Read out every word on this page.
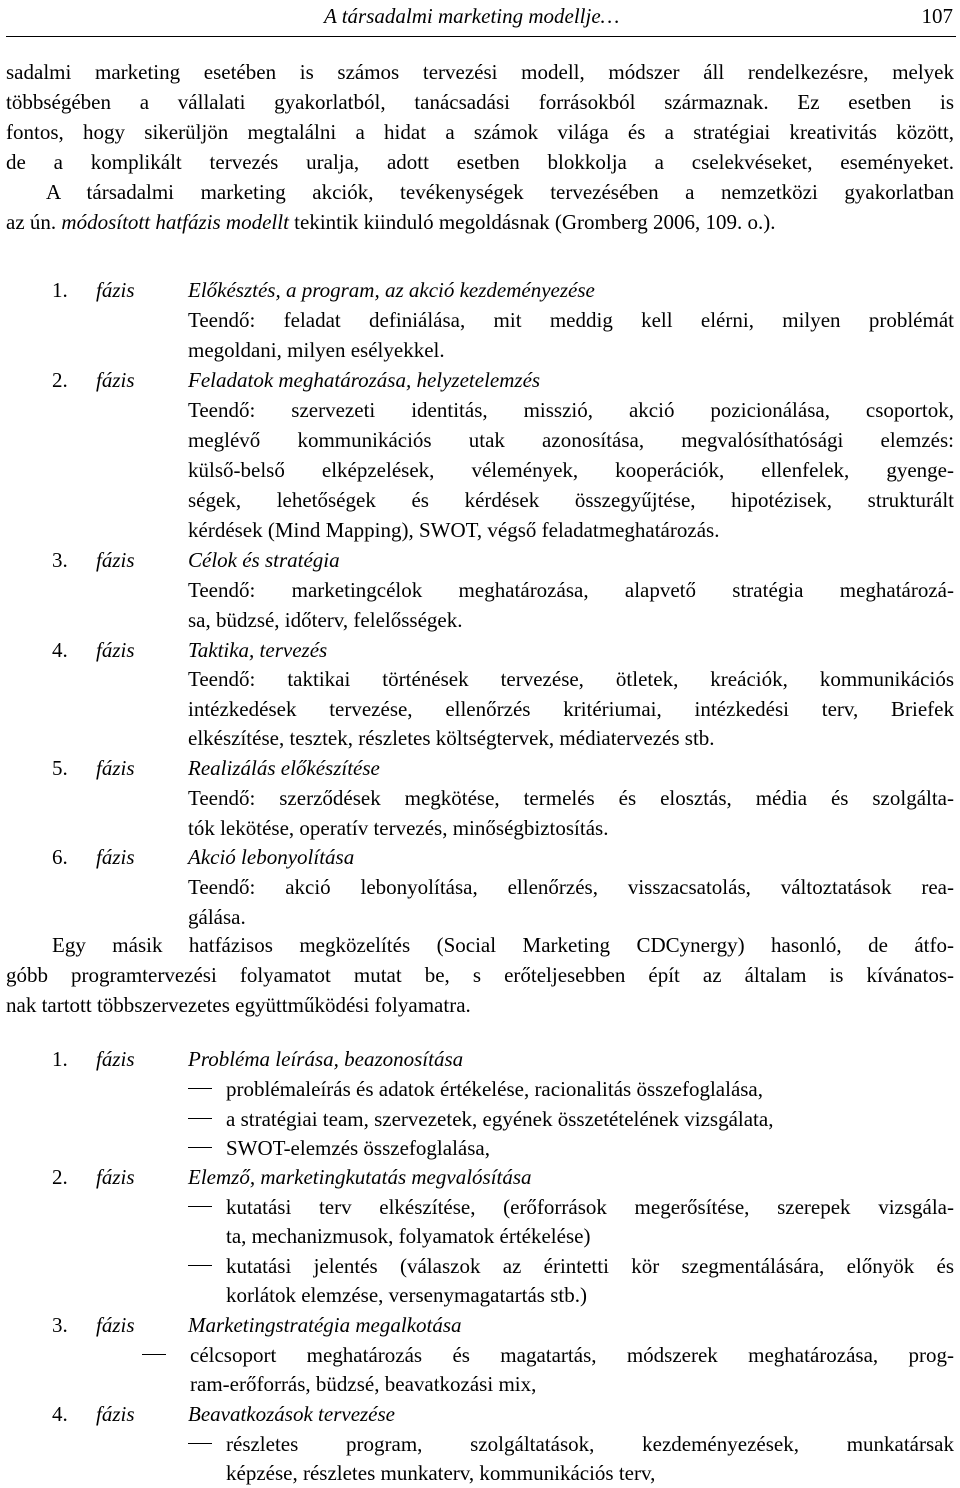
A társadalmi marketing modellje…	107
sadalmi marketing esetében is számos tervezési modell, módszer áll rendelkezésre, melyek
többségében a vállalati gyakorlatból, tanácsadási forrásokból származnak. Ez esetben is
fontos, hogy sikerüljön megtalálni a hidat a számok világa és a stratégiai kreativitás között,
de a komplikált tervezés uralja, adott esetben blokkolja a cselekvéseket, eseményeket.
A társadalmi marketing akciók, tevékenységek tervezésében a nemzetközi gyakorlatban
az ún. módosított hatfázis modellt tekintik kiinduló megoldásnak (Gromberg 2006, 109. o.).
1. fázis	Előkésztés, a program, az akció kezdeményezése
Teendő: feladat definiálása, mit meddig kell elérni, milyen problémát
megoldani, milyen esélyekkel.
2. fázis	Feladatok meghatározása, helyzetelemzés
Teendő: szervezeti identitás, misszió, akció pozicionálása, csoportok,
meglévő kommunikációs utak azonosítása, megvalósíthatósági elemzés:
külső-belső elképzelések, vélemények, kooperációk, ellenfelek, gyenge-
ségek, lehetőségek és kérdések összegyűjtése, hipotézisek, strukturált
kérdések (Mind Mapping), SWOT, végső feladatmeghatározás.
3. fázis	Célok és stratégia
Teendő: marketingcélok meghatározása, alapvető stratégia meghatározá-
sa, büdzsé, időterv, felelősségek.
4. fázis	Taktika, tervezés
Teendő: taktikai történések tervezése, ötletek, kreációk, kommunikációs
intézkedések tervezése, ellenőrzés kritériumai, intézkedési terv, Briefek
elkészítése, tesztek, részletes költségtervek, médiatervezés stb.
5. fázis	Realizálás előkészítése
Teendő: szerződések megkötése, termelés és elosztás, média és szolgálta-
tók lekötése, operatív tervezés, minőségbiztosítás.
6. fázis	Akció lebonyolítása
Teendő: akció lebonyolítása, ellenőrzés, visszacsatolás, változtatások rea-
gálása.
Egy másik hatfázisos megközelítés (Social Marketing CDCynergy) hasonló, de átfo-
góbb programtervezési folyamatot mutat be, s erőteljesebben épít az általam is kívánatos-
nak tartott többszervezetes együttműködési folyamatra.
1. fázis	Probléma leírása, beazonosítása
problémaleírás és adatok értékelése, racionalitás összefoglalása,
a stratégiai team, szervezetek, egyének összetételének vizsgálata,
SWOT-elemzés összefoglalása,
2. fázis	Elemző, marketingkutatás megvalósítása
kutatási terv elkészítése, (erőforrások megerősítése, szerepek vizsgála-
ta, mechanizmusok, folyamatok értékelése)
kutatási jelentés (válaszok az érintetti kör szegmentálására, előnyök és
korlátok elemzése, versenymagatartás stb.)
3. fázis	Marketingstratégia megalkotása
célcsoport meghatározás és magatartás, módszerek meghatározása, prog-
ram-erőforrás, büdzsé, beavatkozási mix,
4. fázis	Beavatkozások tervezése
részletes program, szolgáltatások, kezdeményezések, munkatársak
képzése, részletes munkaterv, kommunikációs terv,
